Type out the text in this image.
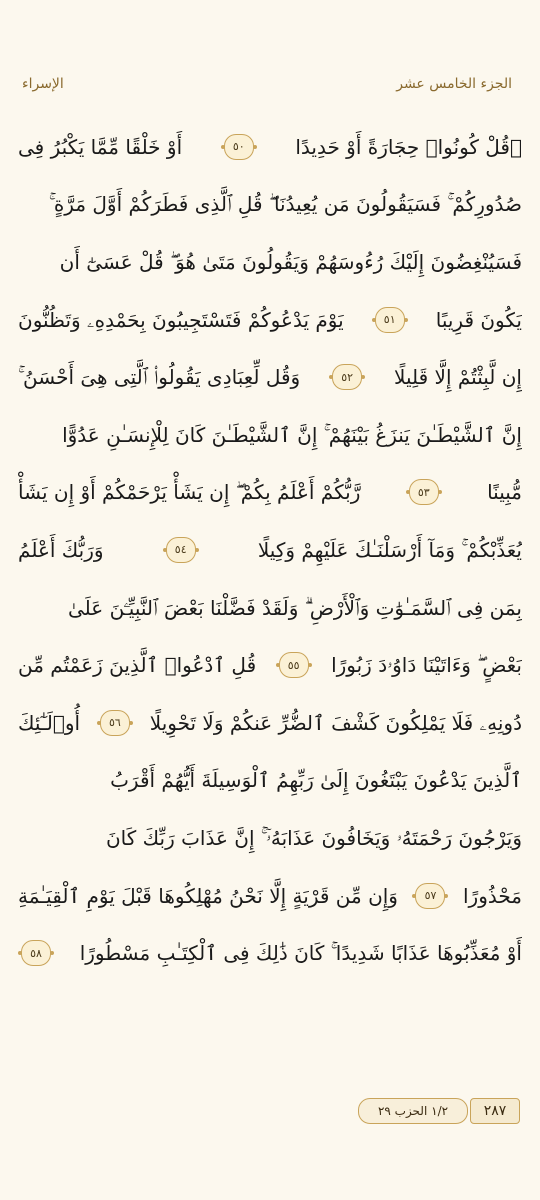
الجزء الخامس عشر
الإسراء
۞قُلْ كُونُوا۟ حِجَارَةً أَوْ حَدِيدًا
٥٠
أَوْ خَلْقًا مِّمَّا يَكْبُرُ فِى
صُدُورِكُمْ ۚ فَسَيَقُولُونَ مَن يُعِيدُنَا ۖ قُلِ ٱلَّذِى فَطَرَكُمْ أَوَّلَ مَرَّةٍ ۚ
فَسَيُنْغِضُونَ إِلَيْكَ رُءُوسَهُمْ وَيَقُولُونَ مَتَىٰ هُوَ ۖ قُلْ عَسَىٰٓ أَن
يَكُونَ قَرِيبًا
٥١
يَوْمَ يَدْعُوكُمْ فَتَسْتَجِيبُونَ بِحَمْدِهِۦ وَتَظُنُّونَ
إِن لَّبِثْتُمْ إِلَّا قَلِيلًا
٥٢
وَقُل لِّعِبَادِى يَقُولُوا۟ ٱلَّتِى هِىَ أَحْسَنُ ۚ
إِنَّ ٱلشَّيْطَـٰنَ يَنزَغُ بَيْنَهُمْ ۚ إِنَّ ٱلشَّيْطَـٰنَ كَانَ لِلْإِنسَـٰنِ عَدُوًّا
مُّبِينًا
٥٣
رَّبُّكُمْ أَعْلَمُ بِكُمْ ۖ إِن يَشَأْ يَرْحَمْكُمْ أَوْ إِن يَشَأْ
يُعَذِّبْكُمْ ۚ وَمَآ أَرْسَلْنَـٰكَ عَلَيْهِمْ وَكِيلًا
٥٤
وَرَبُّكَ أَعْلَمُ
بِمَن فِى ٱلسَّمَـٰوَٰتِ وَٱلْأَرْضِ ۗ وَلَقَدْ فَضَّلْنَا بَعْضَ ٱلنَّبِيِّـۧنَ عَلَىٰ
بَعْضٍ ۖ وَءَاتَيْنَا دَاوُۥدَ زَبُورًا
٥٥
قُلِ ٱدْعُوا۟ ٱلَّذِينَ زَعَمْتُم مِّن
دُونِهِۦ فَلَا يَمْلِكُونَ كَشْفَ ٱلضُّرِّ عَنكُمْ وَلَا تَحْوِيلًا
٥٦
أُو۟لَـٰٓئِكَ
ٱلَّذِينَ يَدْعُونَ يَبْتَغُونَ إِلَىٰ رَبِّهِمُ ٱلْوَسِيلَةَ أَيُّهُمْ أَقْرَبُ
وَيَرْجُونَ رَحْمَتَهُۥ وَيَخَافُونَ عَذَابَهُۥٓ ۚ إِنَّ عَذَابَ رَبِّكَ كَانَ
مَحْذُورًا
٥٧
وَإِن مِّن قَرْيَةٍ إِلَّا نَحْنُ مُهْلِكُوهَا قَبْلَ يَوْمِ ٱلْقِيَـٰمَةِ
أَوْ مُعَذِّبُوهَا عَذَابًا شَدِيدًا ۚ كَانَ ذَٰلِكَ فِى ٱلْكِتَـٰبِ مَسْطُورًا
٥٨
٢٨٧
١/٢ الحزب ٢٩
